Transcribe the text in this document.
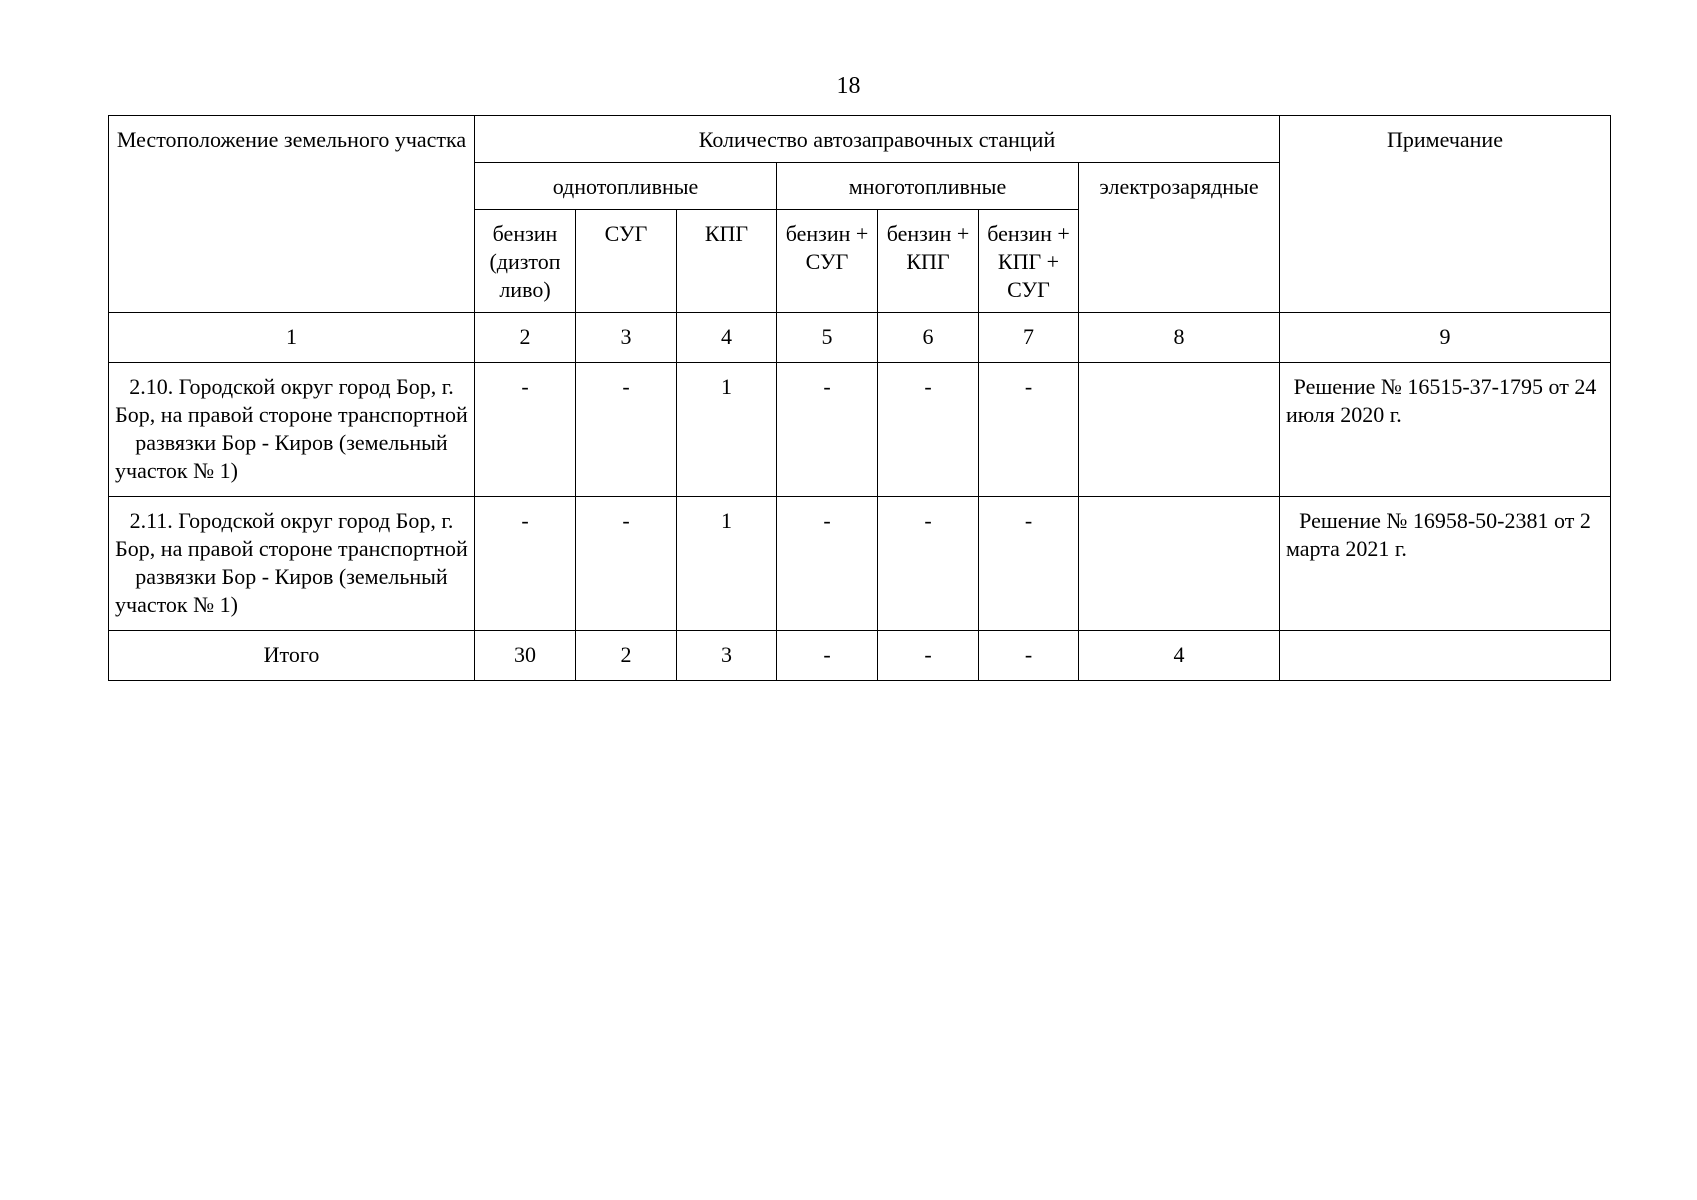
18
Местоположение земельного участка	Количество автозаправочных станций							Примечание
	однотопливные			многотопливные			электрозарядные	
	бензин (дизтоп ливо)	СУГ	КПГ	бензин + СУГ	бензин + КПГ	бензин + КПГ + СУГ		
1	2	3	4	5	6	7	8	9
2.10. Городской округ город Бор, г. Бор, на правой стороне транспортной развязки Бор - Киров (земельный участок № 1)	-	-	1	-	-	-		Решение № 16515-37-1795 от 24 июля 2020 г.
2.11. Городской округ город Бор, г. Бор, на правой стороне транспортной развязки Бор - Киров (земельный участок № 1)	-	-	1	-	-	-		Решение № 16958-50-2381 от 2 марта 2021 г.
Итого	30	2	3	-	-	-	4	
